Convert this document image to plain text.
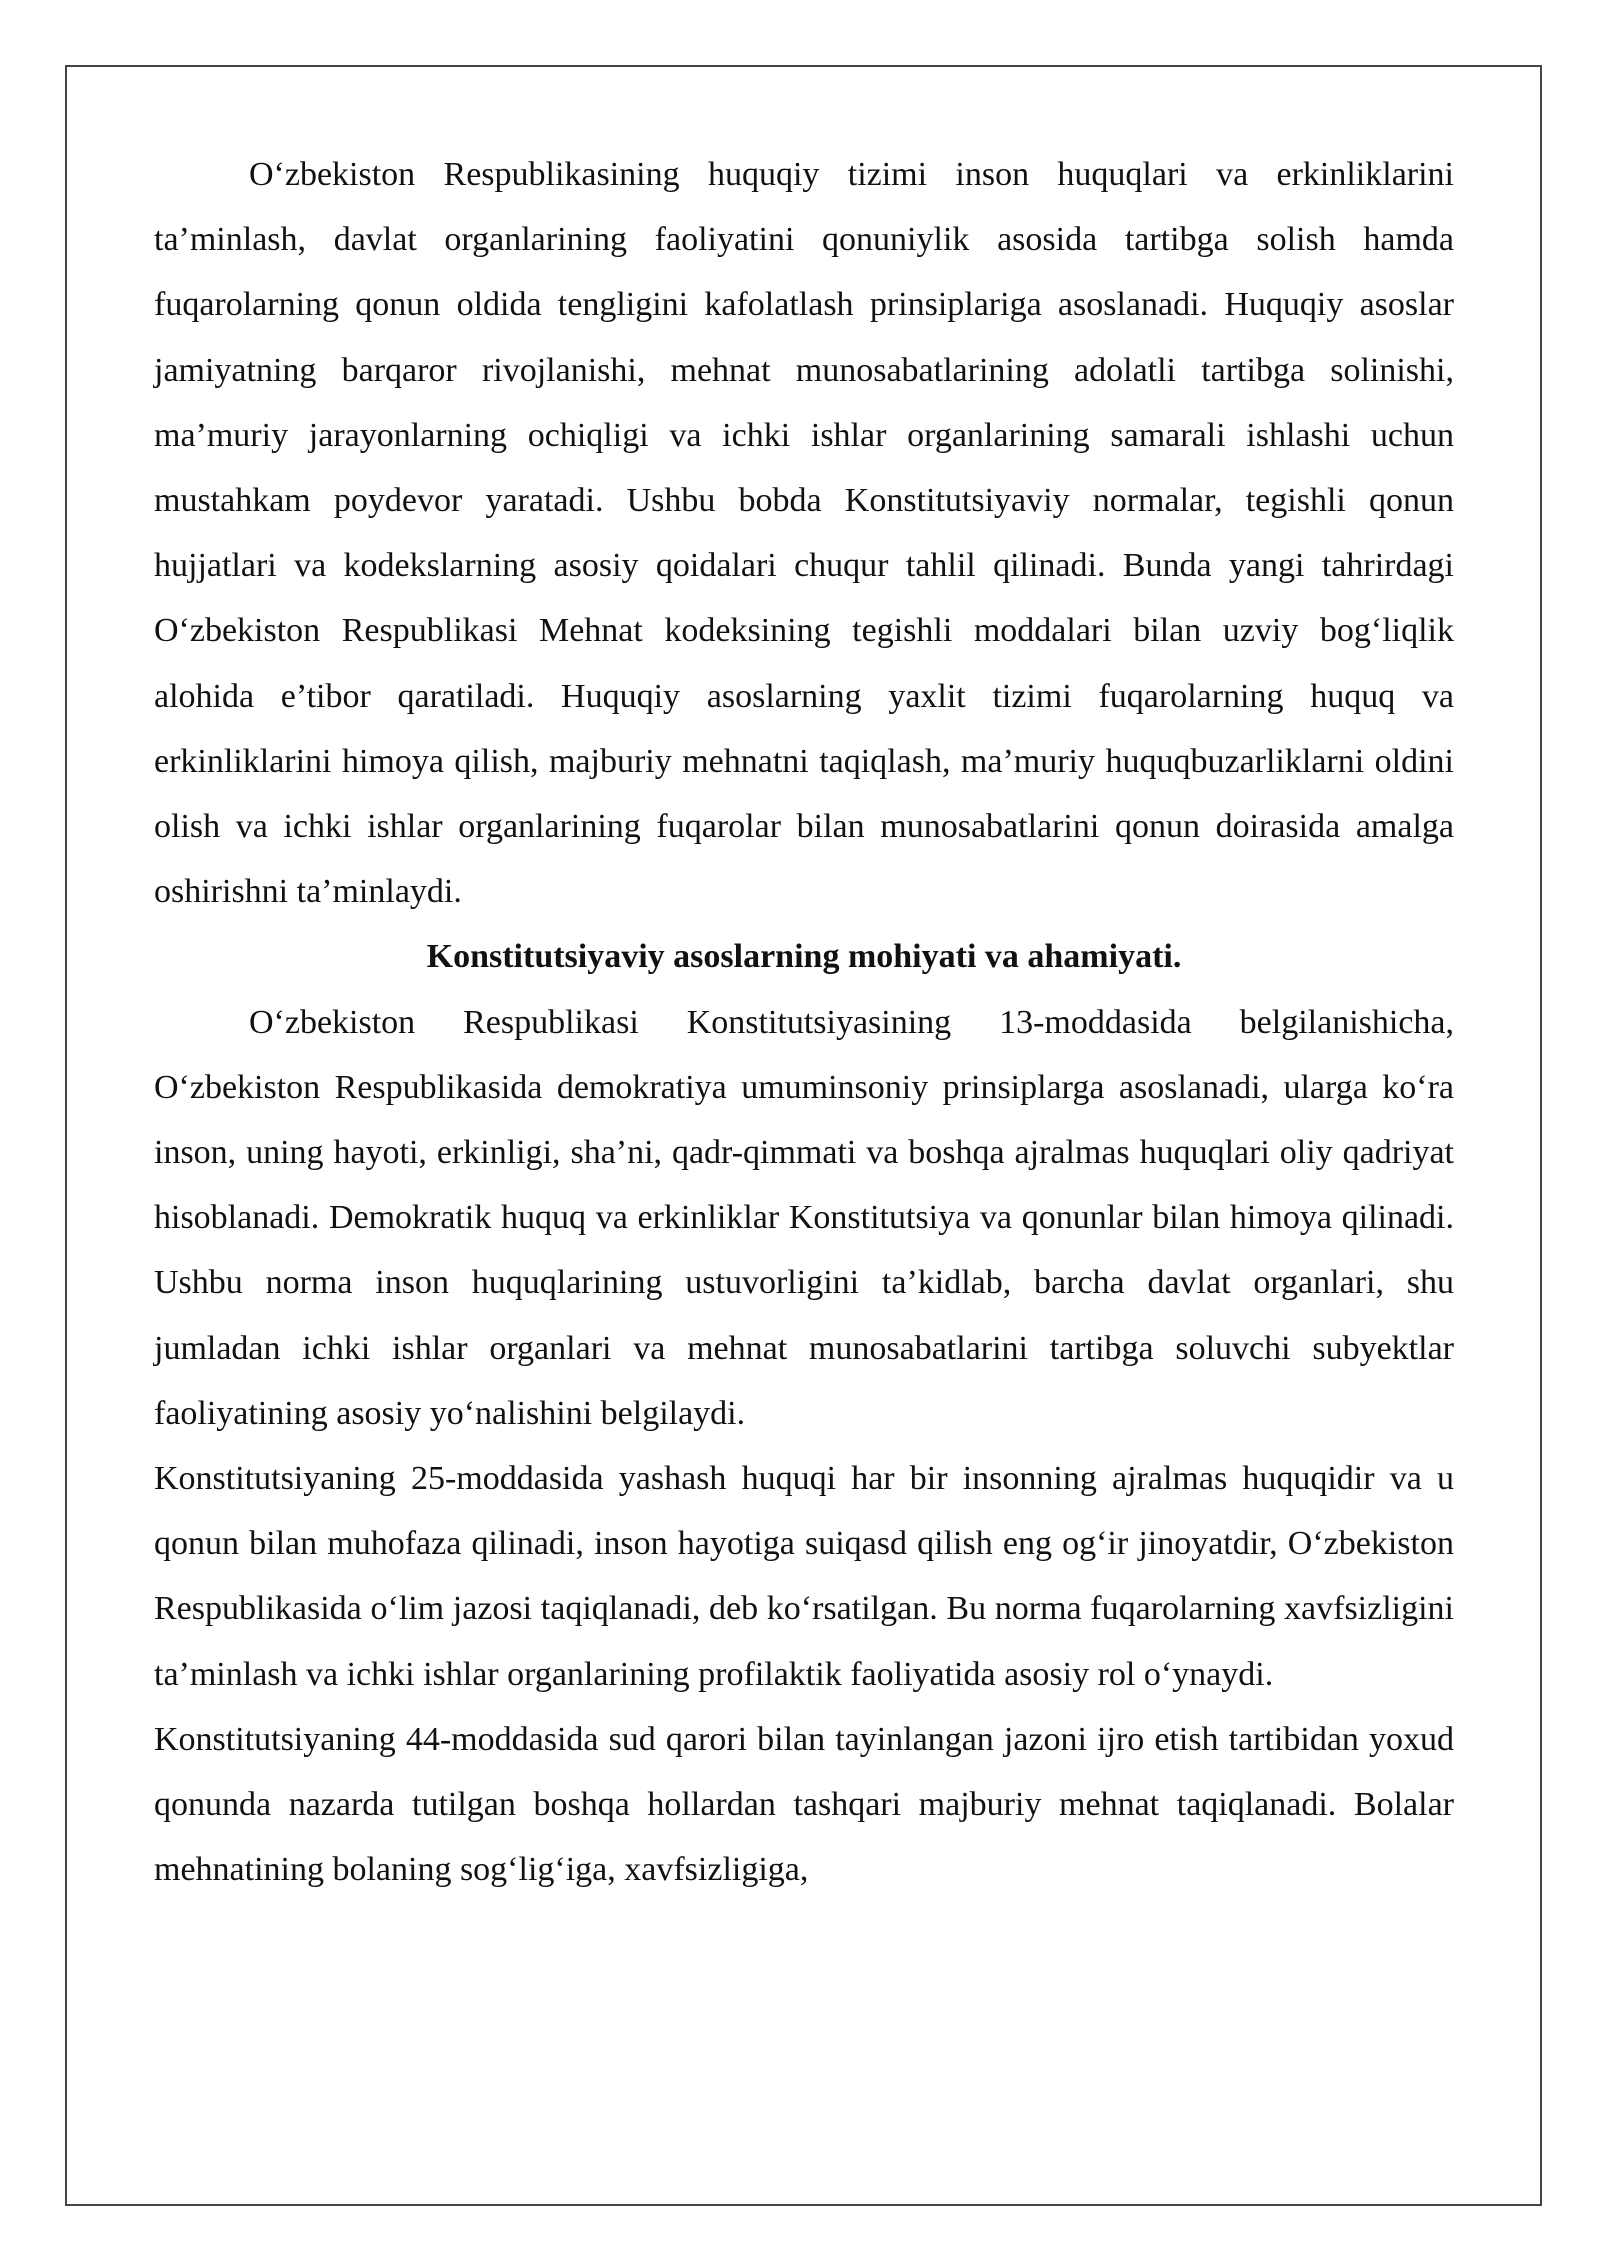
O‘zbekiston Respublikasining huquqiy tizimi inson huquqlari va erkinliklarini ta’minlash, davlat organlarining faoliyatini qonuniylik asosida tartibga solish hamda fuqarolarning qonun oldida tengligini kafolatlash prinsiplariga asoslanadi. Huquqiy asoslar jamiyatning barqaror rivojlanishi, mehnat munosabatlarining adolatli tartibga solinishi, ma’muriy jarayonlarning ochiqligi va ichki ishlar organlarining samarali ishlashi uchun mustahkam poydevor yaratadi. Ushbu bobda Konstitutsiyaviy normalar, tegishli qonun hujjatlari va kodekslarning asosiy qoidalari chuqur tahlil qilinadi. Bunda yangi tahrirdagi O‘zbekiston Respublikasi Mehnat kodeksining tegishli moddalari bilan uzviy bog‘liqlik alohida e’tibor qaratiladi. Huquqiy asoslarning yaxlit tizimi fuqarolarning huquq va erkinliklarini himoya qilish, majburiy mehnatni taqiqlash, ma’muriy huquqbuzarliklarni oldini olish va ichki ishlar organlarining fuqarolar bilan munosabatlarini qonun doirasida amalga oshirishni ta’minlaydi.

Konstitutsiyaviy asoslarning mohiyati va ahamiyati.

O‘zbekiston Respublikasi Konstitutsiyasining 13-moddasida belgilanishicha, O‘zbekiston Respublikasida demokratiya umuminsoniy prinsiplarga asoslanadi, ularga ko‘ra inson, uning hayoti, erkinligi, sha’ni, qadr-qimmati va boshqa ajralmas huquqlari oliy qadriyat hisoblanadi. Demokratik huquq va erkinliklar Konstitutsiya va qonunlar bilan himoya qilinadi. Ushbu norma inson huquqlarining ustuvorligini ta’kidlab, barcha davlat organlari, shu jumladan ichki ishlar organlari va mehnat munosabatlarini tartibga soluvchi subyektlar faoliyatining asosiy yo‘nalishini belgilaydi.

Konstitutsiyaning 25-moddasida yashash huquqi har bir insonning ajralmas huquqidir va u qonun bilan muhofaza qilinadi, inson hayotiga suiqasd qilish eng og‘ir jinoyatdir, O‘zbekiston Respublikasida o‘lim jazosi taqiqlanadi, deb ko‘rsatilgan. Bu norma fuqarolarning xavfsizligini ta’minlash va ichki ishlar organlarining profilaktik faoliyatida asosiy rol o‘ynaydi.

Konstitutsiyaning 44-moddasida sud qarori bilan tayinlangan jazoni ijro etish tartibidan yoxud qonunda nazarda tutilgan boshqa hollardan tashqari majburiy mehnat taqiqlanadi. Bolalar mehnatining bolaning sog‘lig‘iga, xavfsizligiga,
